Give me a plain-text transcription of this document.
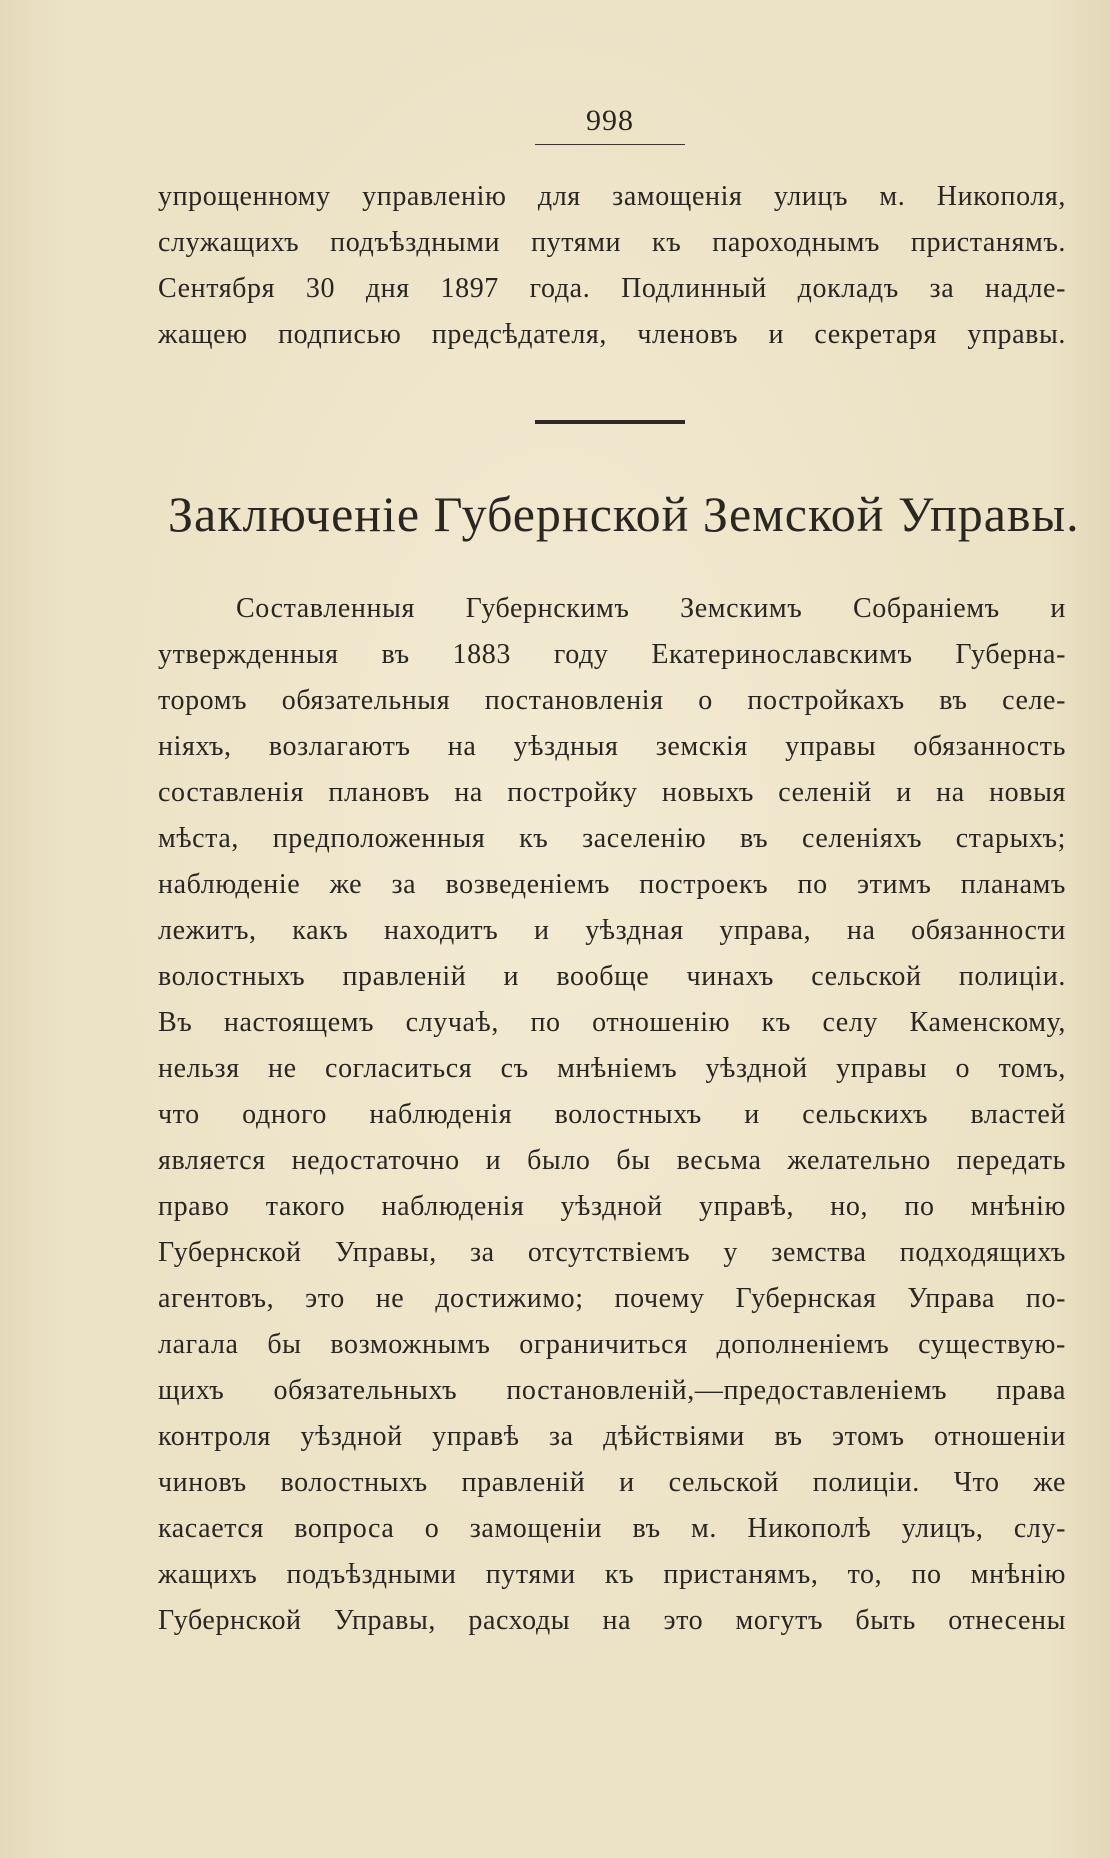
998
упрощенному управленію для замощенія улицъ м. Никополя,
служащихъ подъѣздными путями къ пароходнымъ пристанямъ.
Сентября 30 дня 1897 года. Подлинный докладъ за надле-
жащею подписью предсѣдателя, членовъ и секретаря управы.
Заключеніе Губернской Земской Управы.
Составленныя Губернскимъ Земскимъ Собраніемъ и
утвержденныя въ 1883 году Екатеринославскимъ Губерна-
торомъ обязательныя постановленія о постройкахъ въ селе-
ніяхъ, возлагаютъ на уѣздныя земскія управы обязанность
составленія плановъ на постройку новыхъ селеній и на новыя
мѣста, предположенныя къ заселенію въ селеніяхъ старыхъ;
наблюденіе же за возведеніемъ построекъ по этимъ планамъ
лежитъ, какъ находитъ и уѣздная управа, на обязанности
волостныхъ правленій и вообще чинахъ сельской полиціи.
Въ настоящемъ случаѣ, по отношенію къ селу Каменскому,
нельзя не согласиться съ мнѣніемъ уѣздной управы о томъ,
что одного наблюденія волостныхъ и сельскихъ властей
является недостаточно и было бы весьма желательно передать
право такого наблюденія уѣздной управѣ, но, по мнѣнію
Губернской Управы, за отсутствіемъ у земства подходящихъ
агентовъ, это не достижимо; почему Губернская Управа по-
лагала бы возможнымъ ограничиться дополненіемъ существую-
щихъ обязательныхъ постановленій,—предоставленіемъ права
контроля уѣздной управѣ за дѣйствіями въ этомъ отношеніи
чиновъ волостныхъ правленій и сельской полиціи. Что же
касается вопроса о замощеніи въ м. Никополѣ улицъ, слу-
жащихъ подъѣздными путями къ пристанямъ, то, по мнѣнію
Губернской Управы, расходы на это могутъ быть отнесены
